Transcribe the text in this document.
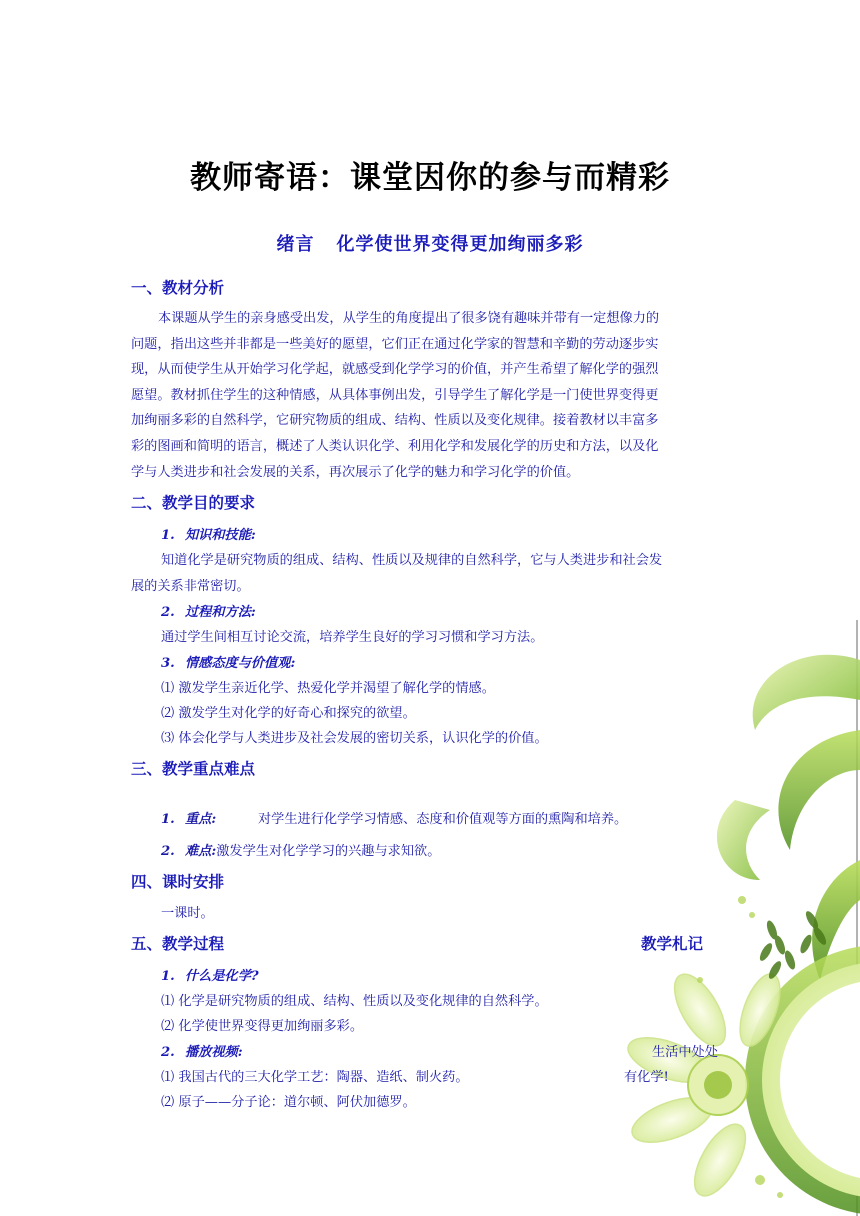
教师寄语：课堂因你的参与而精彩
绪言 化学使世界变得更加绚丽多彩
一、教材分析
本课题从学生的亲身感受出发，从学生的角度提出了很多饶有趣味并带有一定想像力的
问题，指出这些并非都是一些美好的愿望，它们正在通过化学家的智慧和辛勤的劳动逐步实
现，从而使学生从开始学习化学起，就感受到化学学习的价值，并产生希望了解化学的强烈
愿望。教材抓住学生的这种情感，从具体事例出发，引导学生了解化学是一门使世界变得更
加绚丽多彩的自然科学，它研究物质的组成、结构、性质以及变化规律。接着教材以丰富多
彩的图画和简明的语言，概述了人类认识化学、利用化学和发展化学的历史和方法，以及化
学与人类进步和社会发展的关系，再次展示了化学的魅力和学习化学的价值。
二、教学目的要求
1. 知识和技能:
知道化学是研究物质的组成、结构、性质以及规律的自然科学，它与人类进步和社会发
展的关系非常密切。
2. 过程和方法:
通过学生间相互讨论交流，培养学生良好的学习习惯和学习方法。
3. 情感态度与价值观:
⑴ 激发学生亲近化学、热爱化学并渴望了解化学的情感。
⑵ 激发学生对化学的好奇心和探究的欲望。
⑶ 体会化学与人类进步及社会发展的密切关系，认识化学的价值。
三、教学重点难点
1. 重点:	对学生进行化学学习情感、态度和价值观等方面的熏陶和培养。
2. 难点:激发学生对化学学习的兴趣与求知欲。
四、课时安排
一课时。
五、教学过程	教学札记
1. 什么是化学?
⑴ 化学是研究物质的组成、结构、性质以及变化规律的自然科学。
⑵ 化学使世界变得更加绚丽多彩。
2. 播放视频:
⑴ 我国古代的三大化学工艺：陶器、造纸、制火药。
⑵ 原子——分子论：道尔顿、阿伏加德罗。
生活中处处
有化学!
